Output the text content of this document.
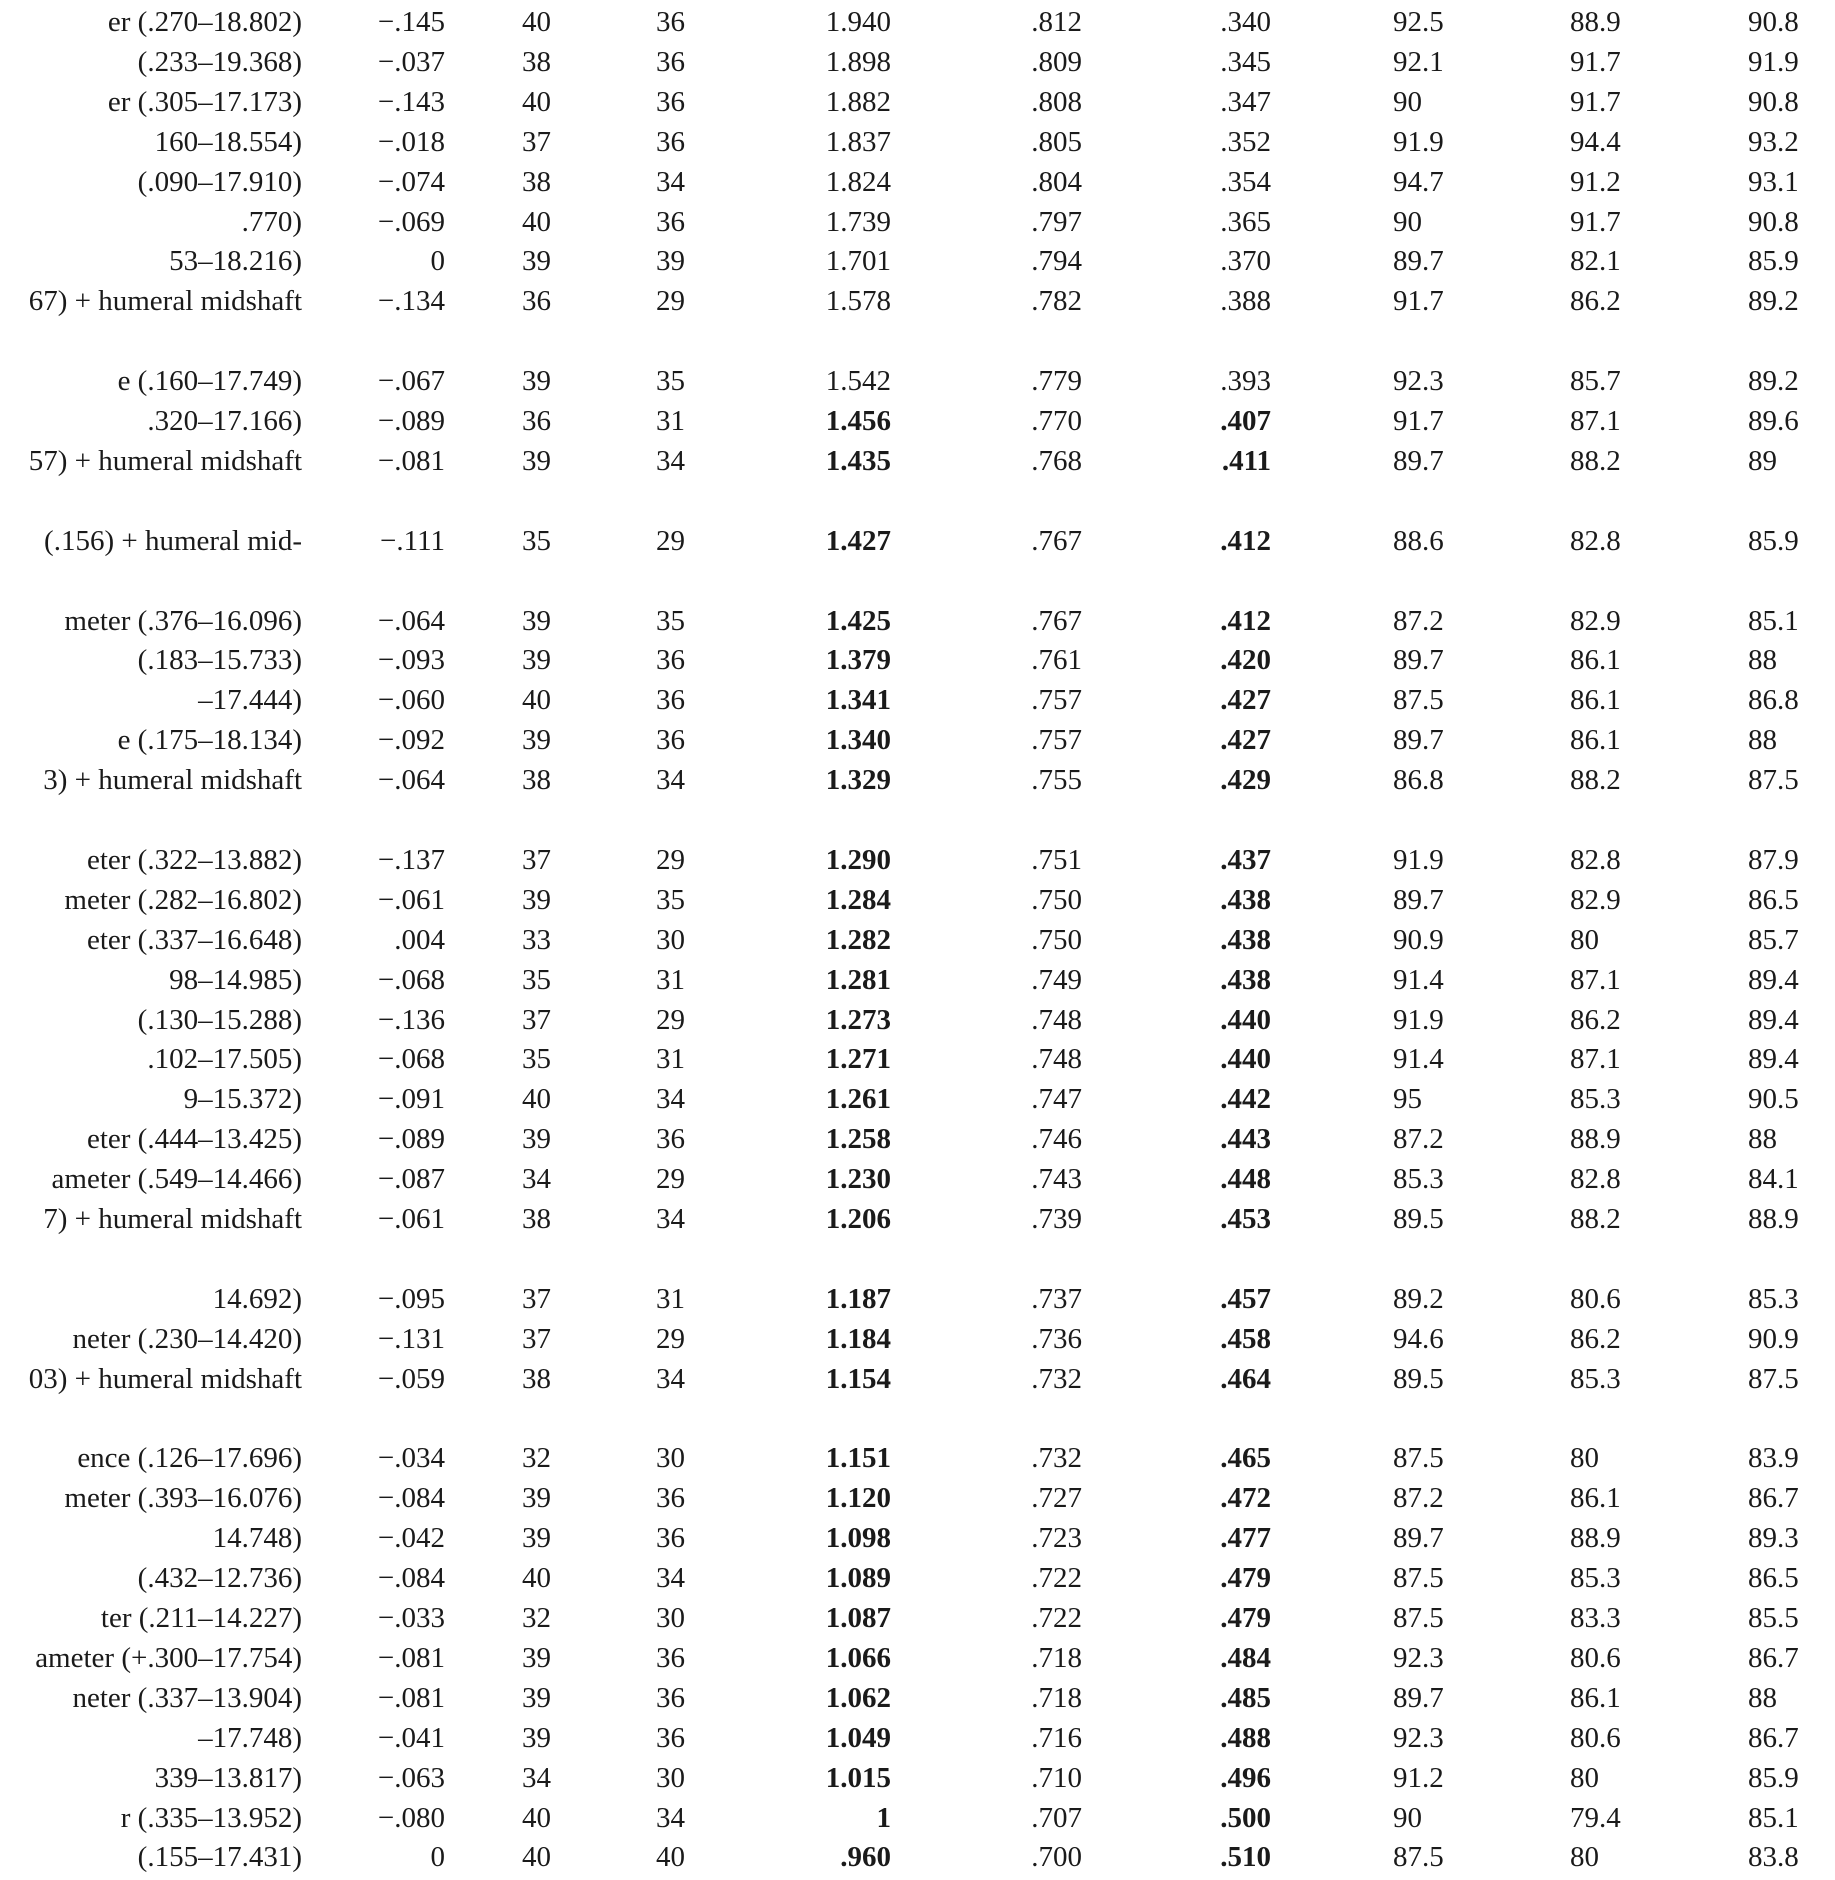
er (.270–18.802)	−.145	40	36	1.940	.812	.340	92.5	88.9	90.8
(.233–19.368)	−.037	38	36	1.898	.809	.345	92.1	91.7	91.9
er (.305–17.173)	−.143	40	36	1.882	.808	.347	90	91.7	90.8
160–18.554)	−.018	37	36	1.837	.805	.352	91.9	94.4	93.2
(.090–17.910)	−.074	38	34	1.824	.804	.354	94.7	91.2	93.1
.770)	−.069	40	36	1.739	.797	.365	90	91.7	90.8
53–18.216)	0	39	39	1.701	.794	.370	89.7	82.1	85.9
67) + humeral midshaft	−.134	36	29	1.578	.782	.388	91.7	86.2	89.2
e (.160–17.749)	−.067	39	35	1.542	.779	.393	92.3	85.7	89.2
.320–17.166)	−.089	36	31	1.456	.770	.407	91.7	87.1	89.6
57) + humeral midshaft	−.081	39	34	1.435	.768	.411	89.7	88.2	89
(.156) + humeral mid-	−.111	35	29	1.427	.767	.412	88.6	82.8	85.9
meter (.376–16.096)	−.064	39	35	1.425	.767	.412	87.2	82.9	85.1
(.183–15.733)	−.093	39	36	1.379	.761	.420	89.7	86.1	88
–17.444)	−.060	40	36	1.341	.757	.427	87.5	86.1	86.8
e (.175–18.134)	−.092	39	36	1.340	.757	.427	89.7	86.1	88
3) + humeral midshaft	−.064	38	34	1.329	.755	.429	86.8	88.2	87.5
eter (.322–13.882)	−.137	37	29	1.290	.751	.437	91.9	82.8	87.9
meter (.282–16.802)	−.061	39	35	1.284	.750	.438	89.7	82.9	86.5
eter (.337–16.648)	.004	33	30	1.282	.750	.438	90.9	80	85.7
98–14.985)	−.068	35	31	1.281	.749	.438	91.4	87.1	89.4
(.130–15.288)	−.136	37	29	1.273	.748	.440	91.9	86.2	89.4
.102–17.505)	−.068	35	31	1.271	.748	.440	91.4	87.1	89.4
9–15.372)	−.091	40	34	1.261	.747	.442	95	85.3	90.5
eter (.444–13.425)	−.089	39	36	1.258	.746	.443	87.2	88.9	88
ameter (.549–14.466)	−.087	34	29	1.230	.743	.448	85.3	82.8	84.1
7) + humeral midshaft	−.061	38	34	1.206	.739	.453	89.5	88.2	88.9
14.692)	−.095	37	31	1.187	.737	.457	89.2	80.6	85.3
neter (.230–14.420)	−.131	37	29	1.184	.736	.458	94.6	86.2	90.9
03) + humeral midshaft	−.059	38	34	1.154	.732	.464	89.5	85.3	87.5
ence (.126–17.696)	−.034	32	30	1.151	.732	.465	87.5	80	83.9
meter (.393–16.076)	−.084	39	36	1.120	.727	.472	87.2	86.1	86.7
14.748)	−.042	39	36	1.098	.723	.477	89.7	88.9	89.3
(.432–12.736)	−.084	40	34	1.089	.722	.479	87.5	85.3	86.5
ter (.211–14.227)	−.033	32	30	1.087	.722	.479	87.5	83.3	85.5
ameter (+.300–17.754)	−.081	39	36	1.066	.718	.484	92.3	80.6	86.7
neter (.337–13.904)	−.081	39	36	1.062	.718	.485	89.7	86.1	88
–17.748)	−.041	39	36	1.049	.716	.488	92.3	80.6	86.7
339–13.817)	−.063	34	30	1.015	.710	.496	91.2	80	85.9
r (.335–13.952)	−.080	40	34	1	.707	.500	90	79.4	85.1
(.155–17.431)	0	40	40	.960	.700	.510	87.5	80	83.8
